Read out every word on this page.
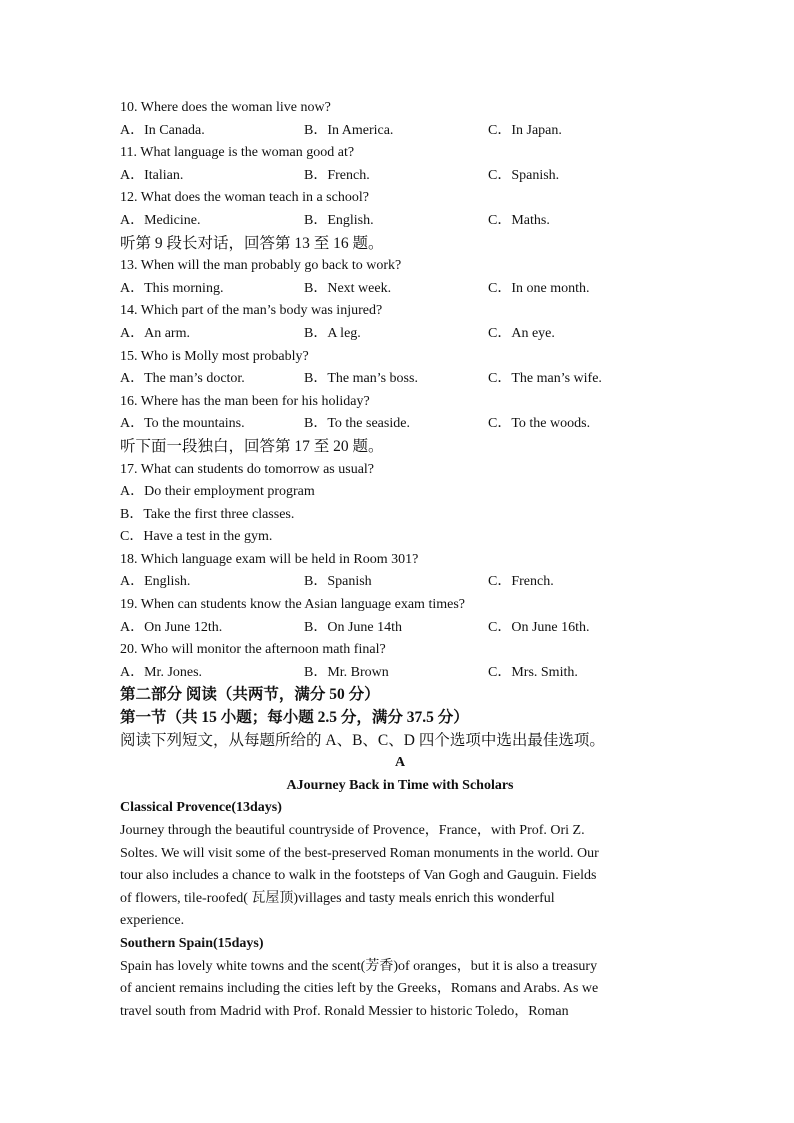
10. Where does the woman live now?
A．In Canada.	B．In America.	C．In Japan.
11. What language is the woman good at?
A．Italian.	B．French.	C．Spanish.
12. What does the woman teach in a school?
A．Medicine.	B．English.	C．Maths.
听第 9 段长对话，回答第 13 至 16 题。
13. When will the man probably go back to work?
A．This morning.	B．Next week.	C．In one month.
14. Which part of the man’s body was injured?
A．An arm.	B．A leg.	C．An eye.
15. Who is Molly most probably?
A．The man’s doctor.	B．The man’s boss.	C．The man’s wife.
16. Where has the man been for his holiday?
A．To the mountains.	B．To the seaside.	C．To the woods.
听下面一段独白，回答第 17 至 20 题。
17. What can students do tomorrow as usual?
A．Do their employment program
B．Take the first three classes.
C．Have a test in the gym.
18. Which language exam will be held in Room 301?
A．English.	B．Spanish	C．French.
19. When can students know the Asian language exam times?
A．On June 12th.	B．On June 14th	C．On June 16th.
20. Who will monitor the afternoon math final?
A．Mr. Jones.	B．Mr. Brown	C．Mrs. Smith.
第二部分 阅读（共两节，满分 50 分）
第一节（共 15 小题；每小题 2.5 分，满分 37.5 分）
阅读下列短文，从每题所给的 A、B、C、D 四个选项中选出最佳选项。
A
AJourney Back in Time with Scholars
Classical Provence(13days)
Journey through the beautiful countryside of Provence，France，with Prof. Ori Z.
Soltes. We will visit some of the best-preserved Roman monuments in the world. Our
tour also includes a chance to walk in the footsteps of Van Gogh and Gauguin. Fields
of flowers, tile-roofed( 瓦屋顶)villages and tasty meals enrich this wonderful
experience.
Southern Spain(15days)
Spain has lovely white towns and the scent(芳香)of oranges，but it is also a treasury
of ancient remains including the cities left by the Greeks，Romans and Arabs. As we
travel south from Madrid with Prof. Ronald Messier to historic Toledo，Roman
